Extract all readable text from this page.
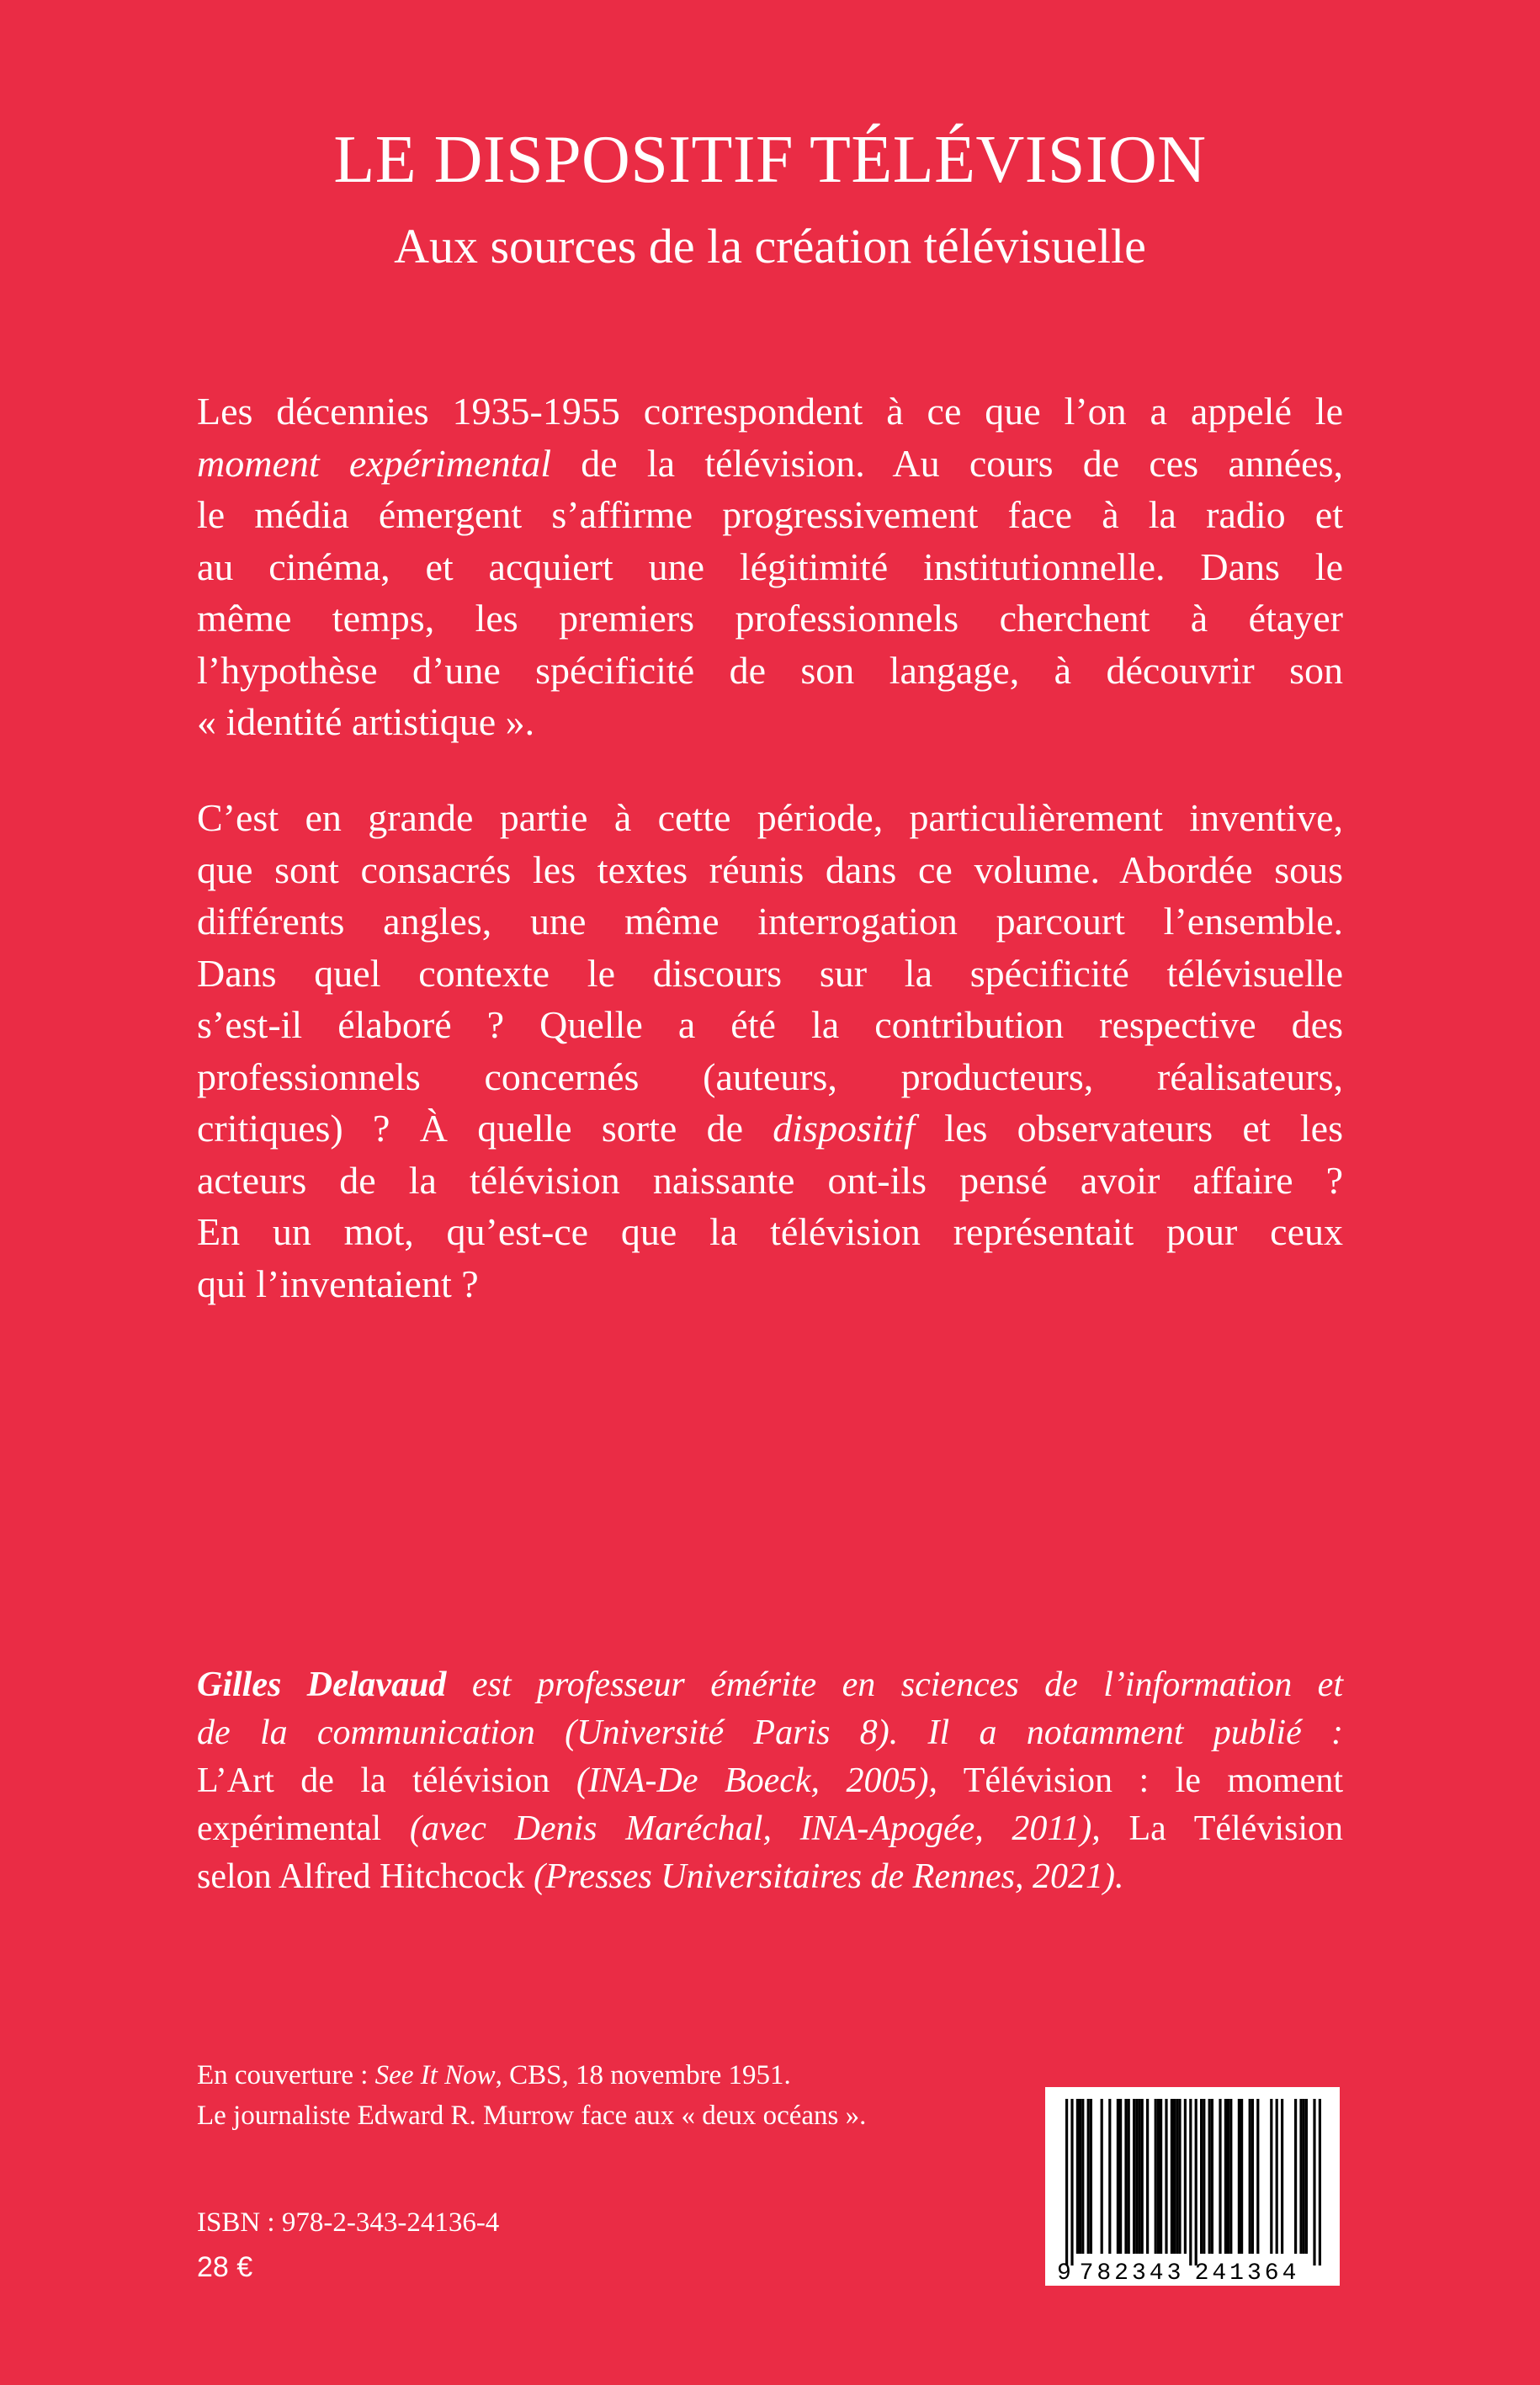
LE DISPOSITIF TÉLÉVISION
Aux sources de la création télévisuelle
Les décennies 1935-1955 correspondent à ce que l’on a appelé le
moment expérimental de la télévision. Au cours de ces années,
le média émergent s’affirme progressivement face à la radio et
au cinéma, et acquiert une légitimité institutionnelle. Dans le
même temps, les premiers professionnels cherchent à étayer
l’hypothèse d’une spécificité de son langage, à découvrir son
« identité artistique ».
C’est en grande partie à cette période, particulièrement inventive,
que sont consacrés les textes réunis dans ce volume. Abordée sous
différents angles, une même interrogation parcourt l’ensemble.
Dans quel contexte le discours sur la spécificité télévisuelle
s’est-il élaboré ? Quelle a été la contribution respective des
professionnels concernés (auteurs, producteurs, réalisateurs,
critiques) ? À quelle sorte de dispositif les observateurs et les
acteurs de la télévision naissante ont-ils pensé avoir affaire ?
En un mot, qu’est-ce que la télévision représentait pour ceux
qui l’inventaient ?
Gilles Delavaud est professeur émérite en sciences de l’information et
de la communication (Université Paris 8). Il a notamment publié :
L’Art de la télévision (INA-De Boeck, 2005), Télévision : le moment
expérimental (avec Denis Maréchal, INA-Apogée, 2011), La Télévision
selon Alfred Hitchcock (Presses Universitaires de Rennes, 2021).
En couverture : See It Now, CBS, 18 novembre 1951.
Le journaliste Edward R. Murrow face aux « deux océans ».
ISBN : 978-2-343-24136-4
28 €	9 782343 241364
